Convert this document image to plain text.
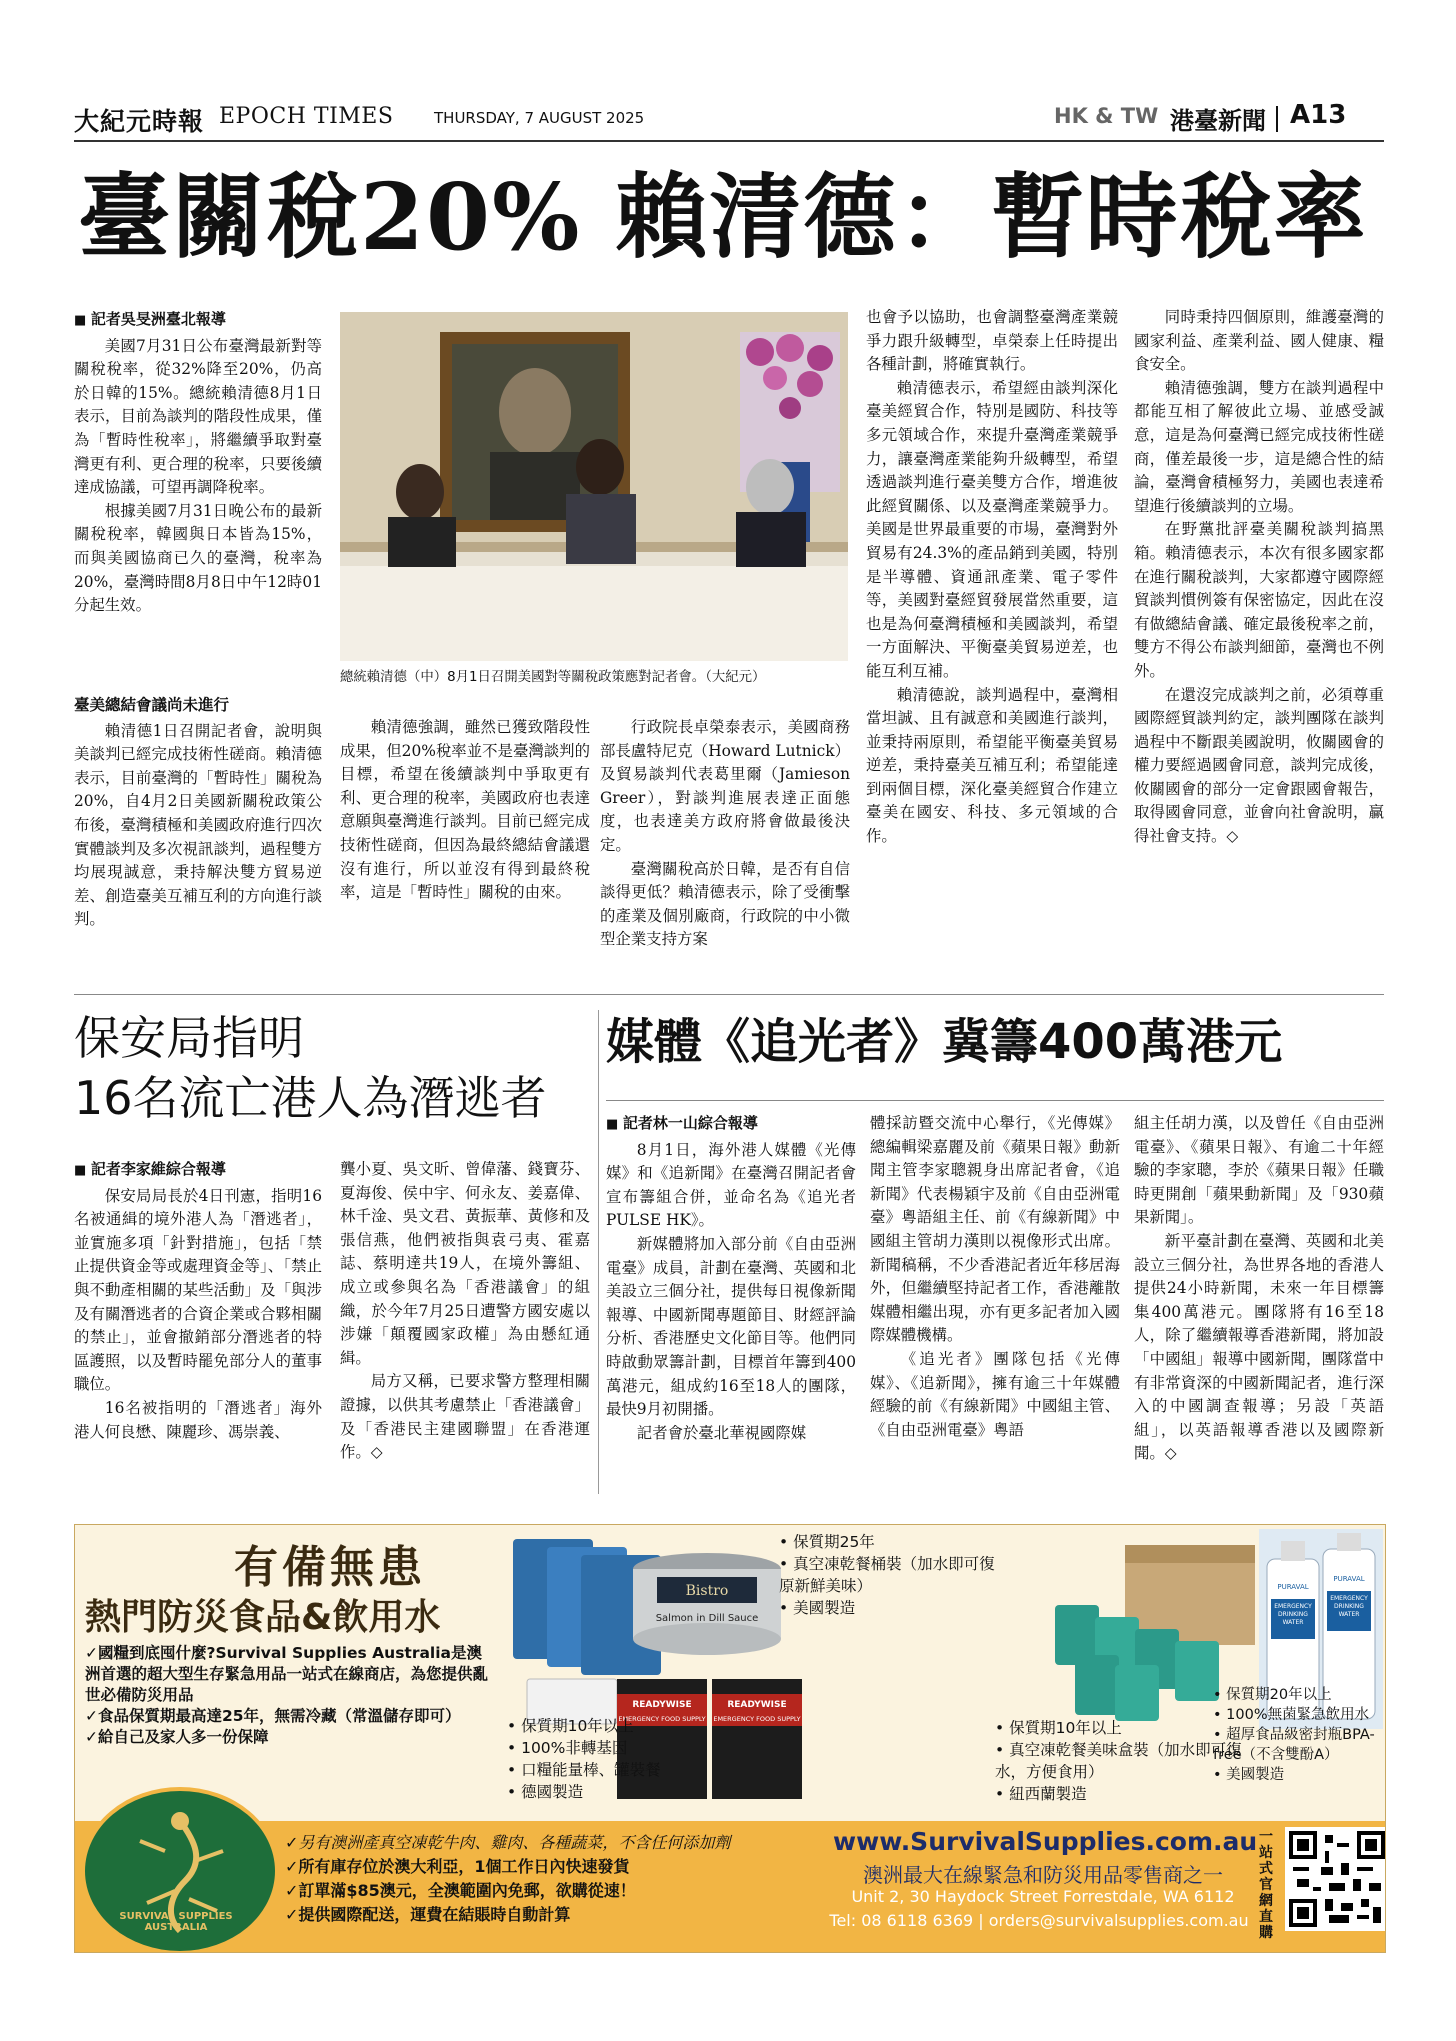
大紀元時報 EPOCH TIMES	THURSDAY, 7 AUGUST 2025	HK & TW 港臺新聞 A13
臺關稅20% 賴清德：暫時稅率
■ 記者吳旻洲臺北報導

美國7月31日公布臺灣最新對等關稅稅率，從32%降至20%，仍高於日韓的15%。總統賴清德8月1日表示，目前為談判的階段性成果，僅為「暫時性稅率」，將繼續爭取對臺灣更有利、更合理的稅率，只要後續達成協議，可望再調降稅率。

根據美國7月31日晚公布的最新關稅稅率，韓國與日本皆為15%，而與美國協商已久的臺灣，稅率為20%，臺灣時間8月8日中午12時01分起生效。

總統賴清德（中）8月1日召開美國對等關稅政策應對記者會。（大紀元）
臺美總結會議尚未進行

賴清德1日召開記者會，說明與美談判已經完成技術性磋商。賴清德表示，目前臺灣的「暫時性」關稅為20%，自4月2日美國新關稅政策公布後，臺灣積極和美國政府進行四次實體談判及多次視訊談判，過程雙方均展現誠意，秉持解決雙方貿易逆差、創造臺美互補互利的方向進行談判。

賴清德強調，雖然已獲致階段性成果，但20%稅率並不是臺灣談判的目標，希望在後續談判中爭取更有利、更合理的稅率，美國政府也表達意願與臺灣進行談判。目前已經完成技術性磋商，但因為最終總結會議還沒有進行，所以並沒有得到最終稅率，這是「暫時性」關稅的由來。

行政院長卓榮泰表示，美國商務部長盧特尼克（Howard Lutnick）及貿易談判代表葛里爾（Jamieson Greer），對談判進展表達正面態度，也表達美方政府將會做最後決定。

臺灣關稅高於日韓，是否有自信談得更低？賴清德表示，除了受衝擊的產業及個別廠商，行政院的中小微型企業支持方案

也會予以協助，也會調整臺灣產業競爭力跟升級轉型，卓榮泰上任時提出各種計劃，將確實執行。

賴清德表示，希望經由談判深化臺美經貿合作，特別是國防、科技等多元領域合作，來提升臺灣產業競爭力，讓臺灣產業能夠升級轉型，希望透過談判進行臺美雙方合作，增進彼此經貿關係、以及臺灣產業競爭力。美國是世界最重要的市場，臺灣對外貿易有24.3%的產品銷到美國，特別是半導體、資通訊產業、電子零件等，美國對臺經貿發展當然重要，這也是為何臺灣積極和美國談判，希望一方面解決、平衡臺美貿易逆差，也能互利互補。

賴清德說，談判過程中，臺灣相當坦誠、且有誠意和美國進行談判，並秉持兩原則，希望能平衡臺美貿易逆差，秉持臺美互補互利；希望能達到兩個目標，深化臺美經貿合作建立臺美在國安、科技、多元領域的合作。

同時秉持四個原則，維護臺灣的國家利益、產業利益、國人健康、糧食安全。

賴清德強調，雙方在談判過程中都能互相了解彼此立場、並感受誠意，這是為何臺灣已經完成技術性磋商，僅差最後一步，這是總合性的結論，臺灣會積極努力，美國也表達希望進行後續談判的立場。

在野黨批評臺美關稅談判搞黑箱。賴清德表示，本次有很多國家都在進行關稅談判，大家都遵守國際經貿談判慣例簽有保密協定，因此在沒有做總結會議、確定最後稅率之前，雙方不得公布談判細節，臺灣也不例外。

在還沒完成談判之前，必須尊重國際經貿談判約定，談判團隊在談判過程中不斷跟美國說明，攸關國會的權力要經過國會同意，談判完成後，攸關國會的部分一定會跟國會報告，取得國會同意，並會向社會說明，贏得社會支持。◇

保安局指明
16名流亡港人為潛逃者
■ 記者李家維綜合報導

保安局局長於4日刊憲，指明16名被通緝的境外港人為「潛逃者」，並實施多項「針對措施」，包括「禁止提供資金等或處理資金等」、「禁止與不動產相關的某些活動」及「與涉及有關潛逃者的合資企業或合夥相關的禁止」，並會撤銷部分潛逃者的特區護照，以及暫時罷免部分人的董事職位。

16名被指明的「潛逃者」海外港人何良懋、陳麗珍、馮崇義、

龔小夏、吳文昕、曾偉藩、錢寶芬、夏海俊、侯中宇、何永友、姜嘉偉、林千淦、吳文君、黃振華、黃修和及張信燕，他們被指與袁弓夷、霍嘉誌、蔡明達共19人，在境外籌組、成立或參與名為「香港議會」的組織，於今年7月25日遭警方國安處以涉嫌「顛覆國家政權」為由懸紅通緝。

局方又稱，已要求警方整理相關證據，以供其考慮禁止「香港議會」及「香港民主建國聯盟」在香港運作。◇

媒體《追光者》冀籌400萬港元
■ 記者林一山綜合報導

8月1日，海外港人媒體《光傳媒》和《追新聞》在臺灣召開記者會宣布籌組合併，並命名為《追光者PULSE HK》。

新媒體將加入部分前《自由亞洲電臺》成員，計劃在臺灣、英國和北美設立三個分社，提供每日視像新聞報導、中國新聞專題節目、財經評論分析、香港歷史文化節目等。他們同時啟動眾籌計劃，目標首年籌到400萬港元，組成約16至18人的團隊，最快9月初開播。

記者會於臺北華視國際媒

體採訪暨交流中心舉行，《光傳媒》總編輯梁嘉麗及前《蘋果日報》動新聞主管李家聰親身出席記者會，《追新聞》代表楊穎宇及前《自由亞洲電臺》粵語組主任、前《有線新聞》中國組主管胡力漢則以視像形式出席。新聞稿稱，不少香港記者近年移居海外，但繼續堅持記者工作，香港離散媒體相繼出現，亦有更多記者加入國際媒體機構。

《追光者》團隊包括《光傳媒》、《追新聞》，擁有逾三十年媒體經驗的前《有線新聞》中國組主管、《自由亞洲電臺》粵語

組主任胡力漢，以及曾任《自由亞洲電臺》、《蘋果日報》、有逾二十年經驗的李家聰，李於《蘋果日報》任職時更開創「蘋果動新聞」及「930蘋果新聞」。

新平臺計劃在臺灣、英國和北美設立三個分社，為世界各地的香港人提供24小時新聞，未來一年目標籌集400萬港元。團隊將有16至18人，除了繼續報導香港新聞，將加設「中國組」報導中國新聞，團隊當中有非常資深的中國新聞記者，進行深入的中國調查報導；另設「英語組」，以英語報導香港以及國際新聞。◇

有備無患
熱門防災食品&飲用水
✓國糧到底囤什麼?Survival Supplies Australia是澳洲首選的超大型生存緊急用品一站式在線商店，為您提供亂世必備防災用品
✓食品保質期最高達25年，無需冷藏（常溫儲存即可）
✓給自己及家人多一份保障
Bistro
Salmon in Dill Sauce
READYWISE
EMERGENCY FOOD SUPPLY
READYWISE
EMERGENCY FOOD SUPPLY
PURAVAL
PURAVAL
EMERGENCY DRINKING WATER
EMERGENCY DRINKING WATER
• 保質期10年以上
• 100%非轉基因
• 口糧能量棒、罐裝餐
• 德國製造
• 保質期25年
• 真空凍乾餐桶裝（加水即可復原新鮮美味）
• 美國製造
• 保質期10年以上
• 真空凍乾餐美味盒裝（加水即可復水，方便食用）
• 紐西蘭製造
• 保質期20年以上
• 100%無菌緊急飲用水
• 超厚食品級密封瓶BPA-free（不含雙酚A）
• 美國製造
SURVIVAL SUPPLIES AUSTRALIA
✓另有澳洲產真空凍乾牛肉、雞肉、各種蔬菜，不含任何添加劑
✓所有庫存位於澳大利亞，1個工作日內快速發貨
✓訂單滿$85澳元，全澳範圍內免郵，欲購從速！
✓提供國際配送，運費在結賬時自動計算
www.SurvivalSupplies.com.au
澳洲最大在線緊急和防災用品零售商之一
Unit 2, 30 Haydock Street Forrestdale, WA 6112
Tel: 08 6118 6369 | orders@survivalsupplies.com.au
一站式官網直購
